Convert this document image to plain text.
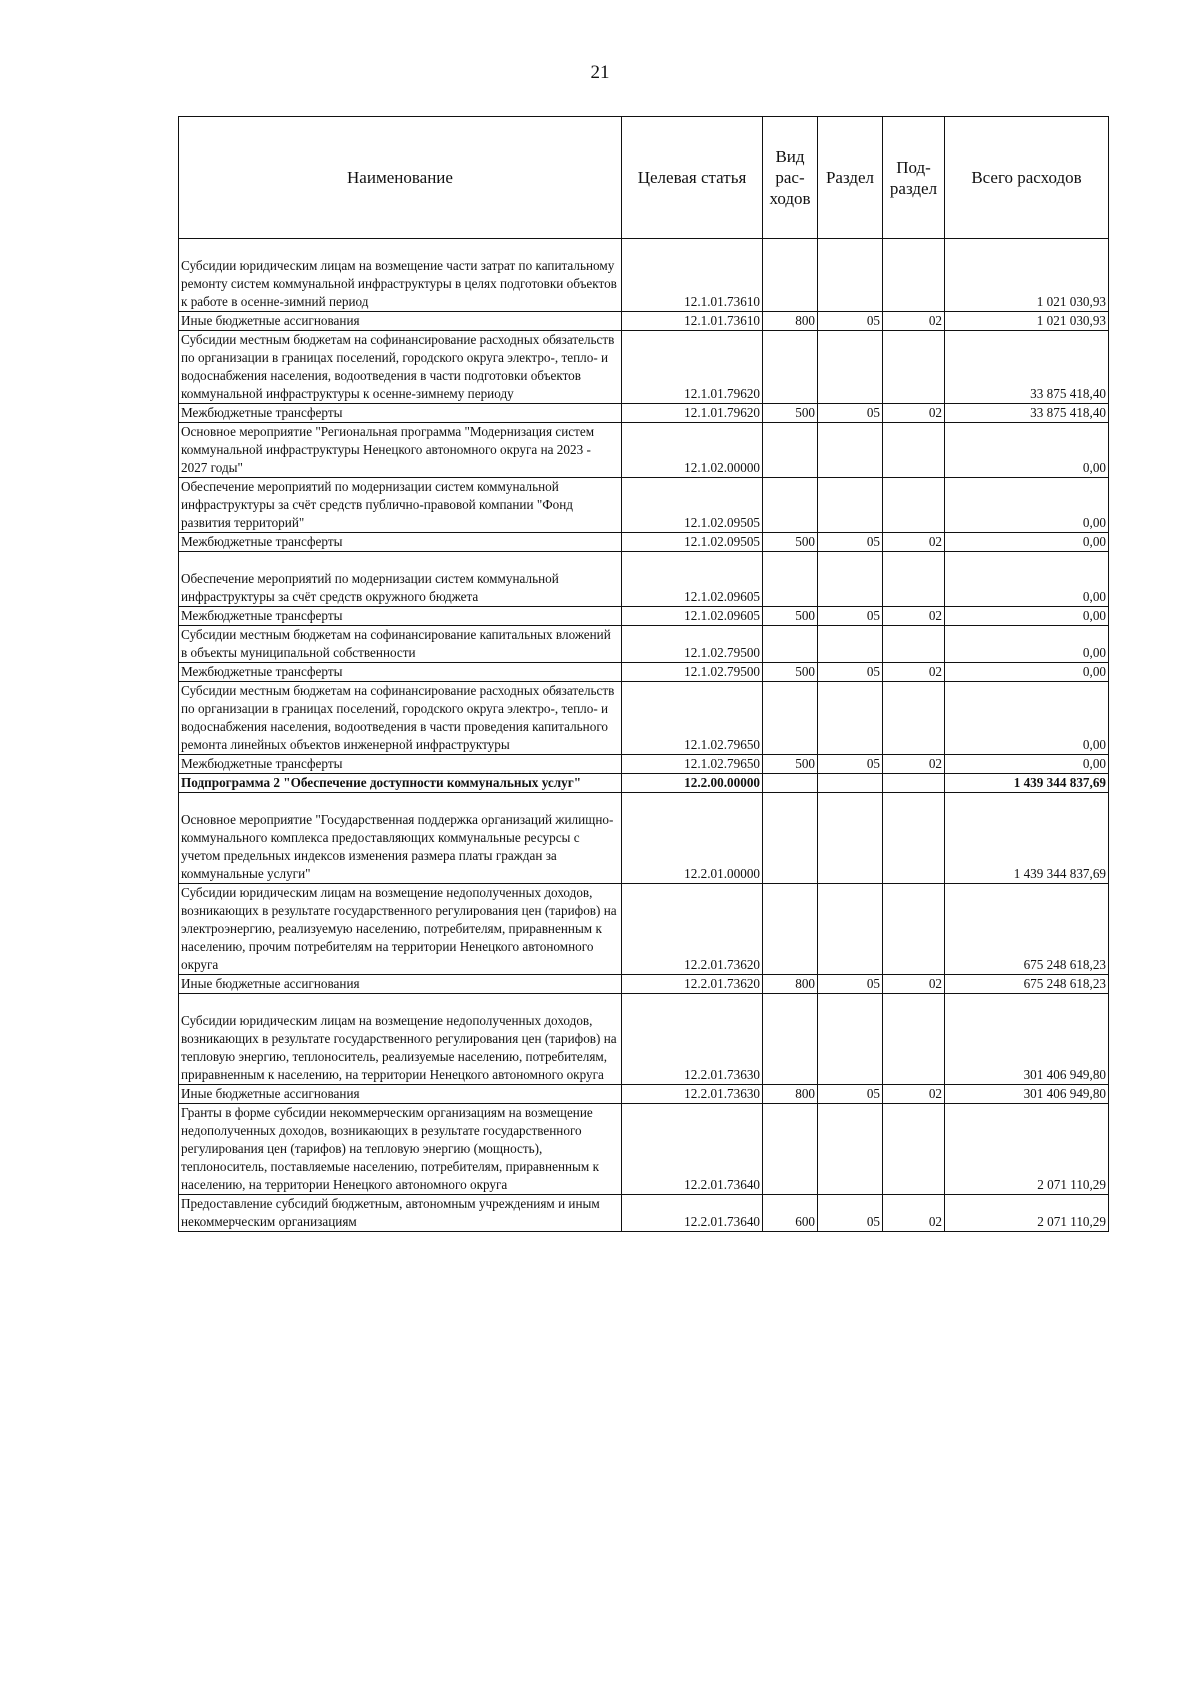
21
Наименование	Целевая статья	Вид рас-ходов	Раздел	Под-раздел	Всего расходов
Субсидии юридическим лицам на возмещение части затрат по капитальному ремонту систем коммунальной инфраструктуры в целях подготовки объектов к работе в осенне-зимний период	12.1.01.73610				1 021 030,93
Иные бюджетные ассигнования	12.1.01.73610	800	05	02	1 021 030,93
Субсидии местным бюджетам на софинансирование расходных обязательств по организации в границах поселений, городского округа электро-, тепло- и водоснабжения населения, водоотведения в части подготовки объектов коммунальной инфраструктуры к осенне-зимнему периоду	12.1.01.79620				33 875 418,40
Межбюджетные трансферты	12.1.01.79620	500	05	02	33 875 418,40
Основное мероприятие "Региональная программа "Модернизация систем коммунальной инфраструктуры Ненецкого автономного округа на 2023 - 2027 годы"	12.1.02.00000				0,00
Обеспечение мероприятий по модернизации систем коммунальной инфраструктуры за счёт средств публично-правовой компании "Фонд развития территорий"	12.1.02.09505				0,00
Межбюджетные трансферты	12.1.02.09505	500	05	02	0,00
Обеспечение мероприятий по модернизации систем коммунальной инфраструктуры за счёт средств окружного бюджета	12.1.02.09605				0,00
Межбюджетные трансферты	12.1.02.09605	500	05	02	0,00
Субсидии местным бюджетам на софинансирование капитальных вложений в объекты муниципальной собственности	12.1.02.79500				0,00
Межбюджетные трансферты	12.1.02.79500	500	05	02	0,00
Субсидии местным бюджетам на софинансирование расходных обязательств по организации в границах поселений, городского округа электро-, тепло- и водоснабжения населения, водоотведения в части проведения капитального ремонта линейных объектов инженерной инфраструктуры	12.1.02.79650				0,00
Межбюджетные трансферты	12.1.02.79650	500	05	02	0,00
Подпрограмма 2 "Обеспечение доступности коммунальных услуг"	12.2.00.00000				1 439 344 837,69
Основное мероприятие "Государственная поддержка организаций жилищно-коммунального комплекса предоставляющих коммунальные ресурсы с учетом предельных индексов изменения размера платы граждан за коммунальные услуги"	12.2.01.00000				1 439 344 837,69
Субсидии юридическим лицам на возмещение недополученных доходов, возникающих в результате государственного регулирования цен (тарифов) на электроэнергию, реализуемую населению, потребителям, приравненным к населению, прочим потребителям на территории Ненецкого автономного округа	12.2.01.73620				675 248 618,23
Иные бюджетные ассигнования	12.2.01.73620	800	05	02	675 248 618,23
Субсидии юридическим лицам на возмещение недополученных доходов, возникающих в результате государственного регулирования цен (тарифов) на тепловую энергию, теплоноситель, реализуемые населению, потребителям, приравненным к населению, на территории Ненецкого автономного округа	12.2.01.73630				301 406 949,80
Иные бюджетные ассигнования	12.2.01.73630	800	05	02	301 406 949,80
Гранты в форме субсидии некоммерческим организациям на возмещение недополученных доходов, возникающих в результате государственного регулирования цен (тарифов) на тепловую энергию (мощность), теплоноситель, поставляемые населению, потребителям, приравненным к населению, на территории Ненецкого автономного округа	12.2.01.73640				2 071 110,29
Предоставление субсидий бюджетным, автономным учреждениям и иным некоммерческим организациям	12.2.01.73640	600	05	02	2 071 110,29
